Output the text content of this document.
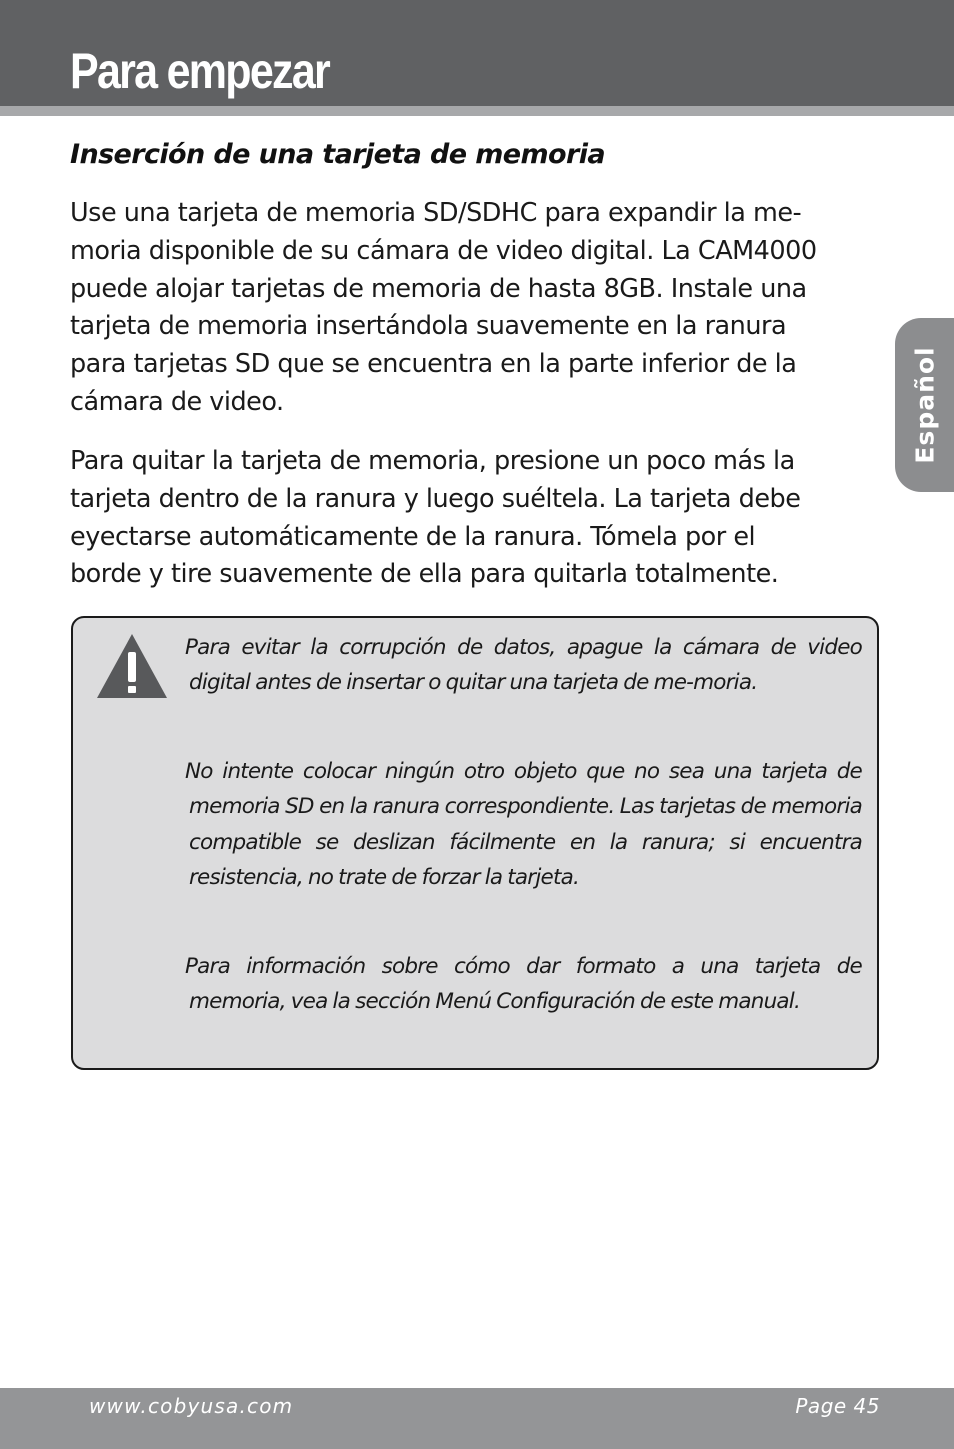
Para empezar
Inserción de una tarjeta de memoria

Use una tarjeta de memoria SD/SDHC para expandir la me-
moria disponible de su cámara de video digital. La CAM4000
puede alojar tarjetas de memoria de hasta 8GB. Instale una
tarjeta de memoria insertándola suavemente en la ranura
para tarjetas SD que se encuentra en la parte inferior de la
cámara de video.

Para quitar la tarjeta de memoria, presione un poco más la
tarjeta dentro de la ranura y luego suéltela. La tarjeta debe
eyectarse automáticamente de la ranura. Tómela por el
borde y tire suavemente de ella para quitarla totalmente.

Español

Para evitar la corrupción de datos, apague la cámara de video digital antes de insertar o quitar una tarjeta de me-moria.

No intente colocar ningún otro objeto que no sea una tarjeta de memoria SD en la ranura correspondiente. Las tarjetas de memoria compatible se deslizan fácilmente en la ranura; si encuentra resistencia, no trate de forzar la tarjeta.

Para información sobre cómo dar formato a una tarjeta de memoria, vea la sección Menú Configuración de este manual.

www.cobyusa.com	Page 45
